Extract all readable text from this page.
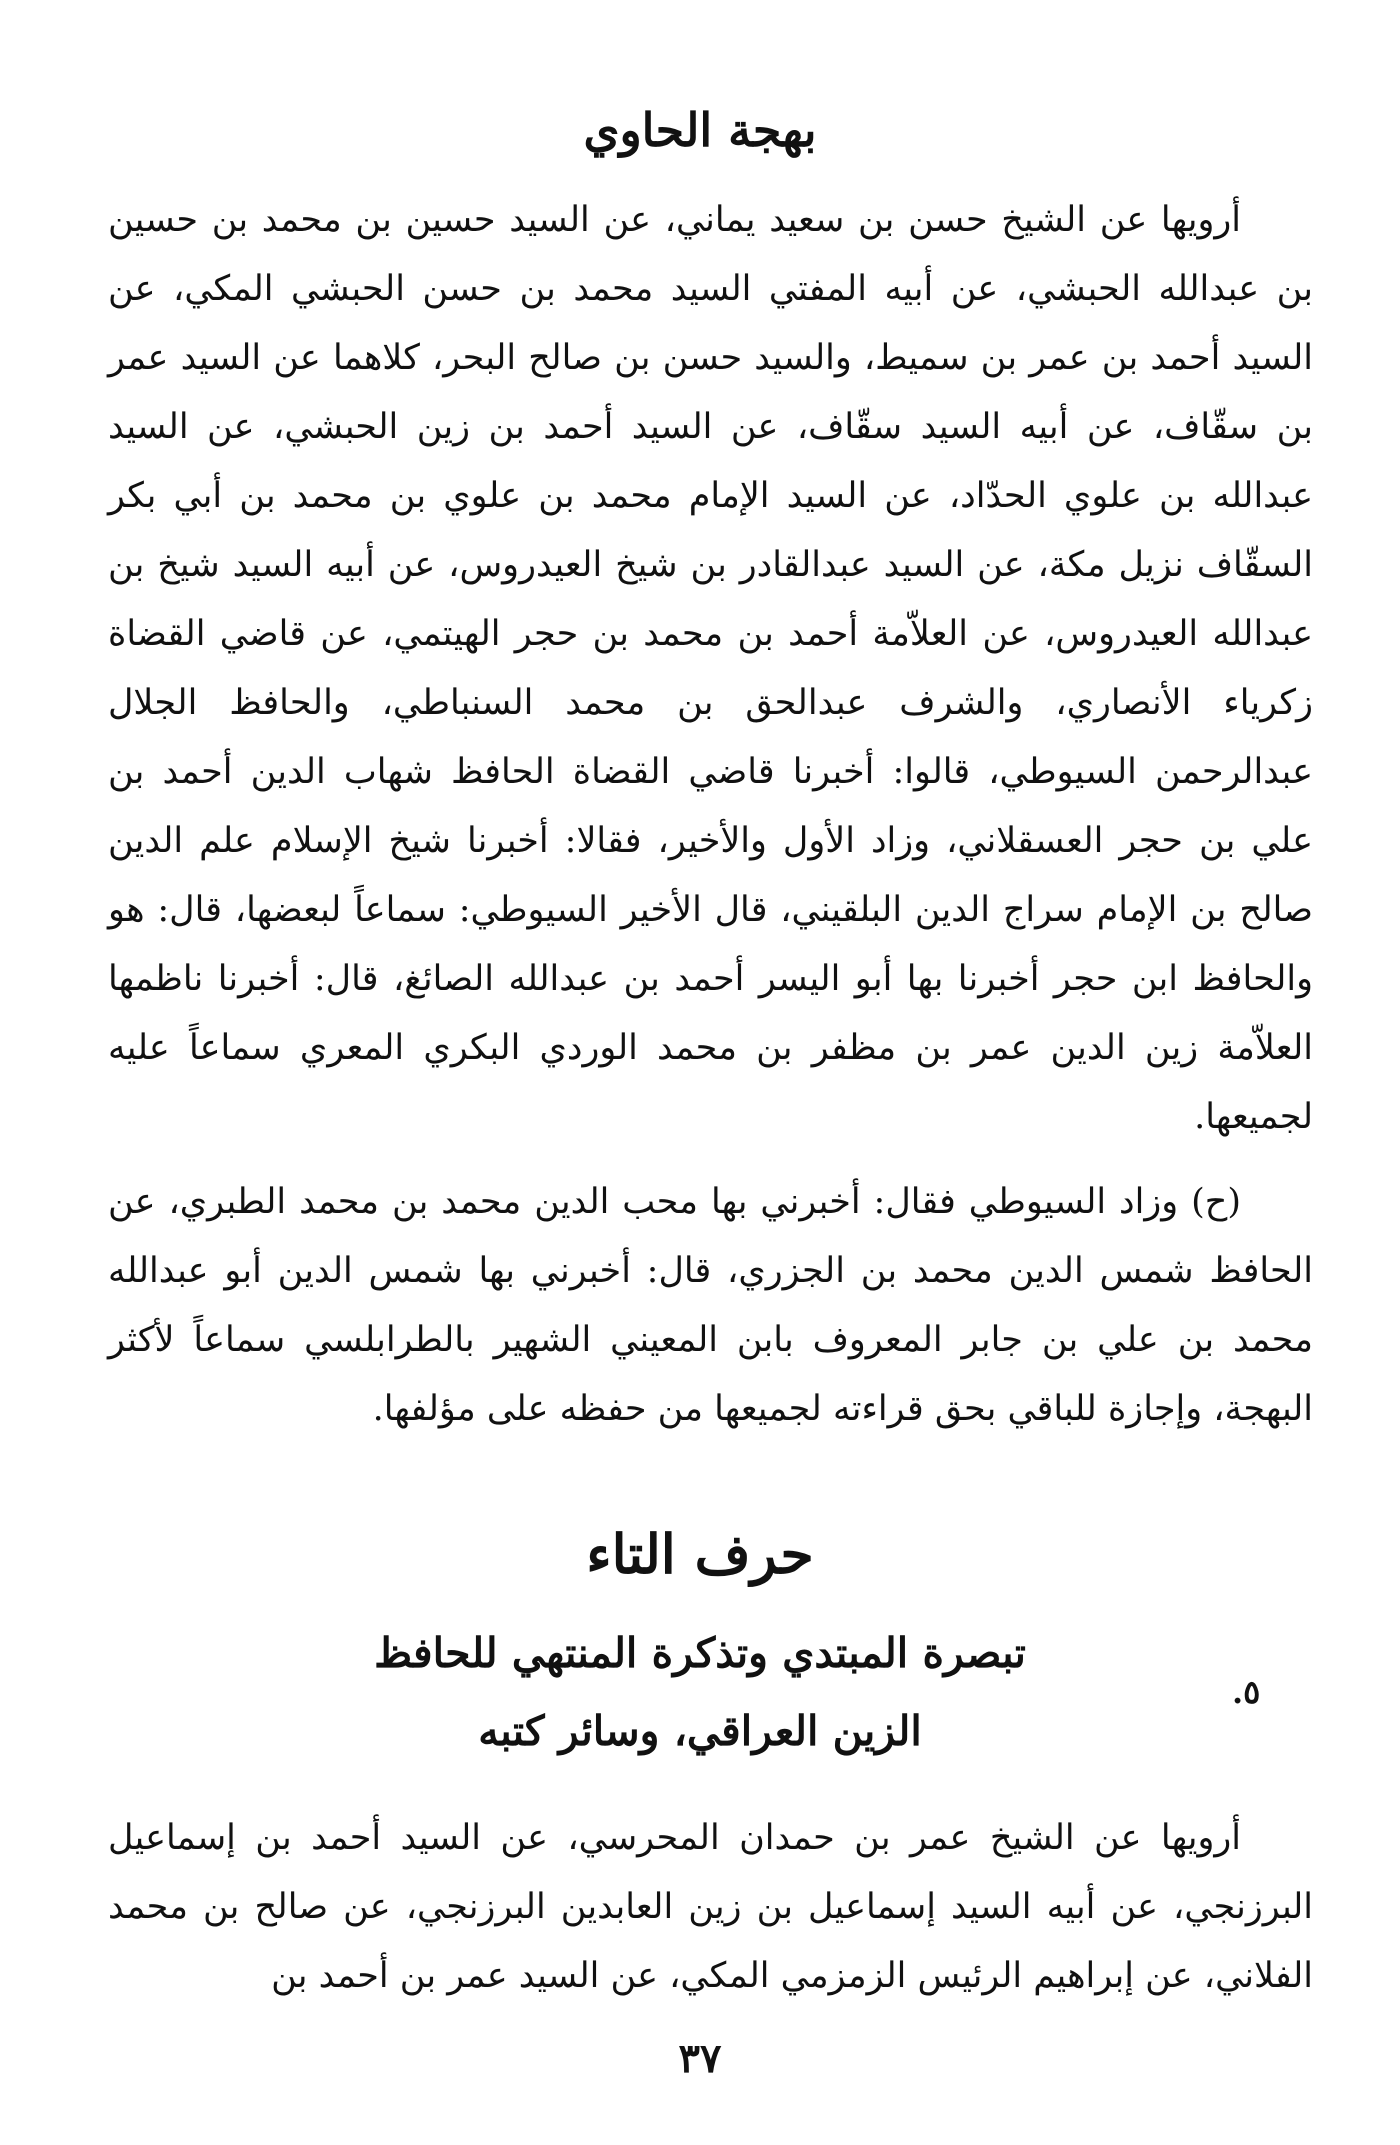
بهجة الحاوي

أرويها عن الشيخ حسن بن سعيد يماني، عن السيد حسين بن محمد بن حسين بن عبدالله الحبشي، عن أبيه المفتي السيد محمد بن حسن الحبشي المكي، عن السيد أحمد بن عمر بن سميط، والسيد حسن بن صالح البحر، كلاهما عن السيد عمر بن سقّاف، عن أبيه السيد سقّاف، عن السيد أحمد بن زين الحبشي، عن السيد عبدالله بن علوي الحدّاد، عن السيد الإمام محمد بن علوي بن محمد بن أبي بكر السقّاف نزيل مكة، عن السيد عبدالقادر بن شيخ العيدروس، عن أبيه السيد شيخ بن عبدالله العيدروس، عن العلاّمة أحمد بن محمد بن حجر الهيتمي، عن قاضي القضاة زكرياء الأنصاري، والشرف عبدالحق بن محمد السنباطي، والحافظ الجلال عبدالرحمن السيوطي، قالوا: أخبرنا قاضي القضاة الحافظ شهاب الدين أحمد بن علي بن حجر العسقلاني، وزاد الأول والأخير، فقالا: أخبرنا شيخ الإسلام علم الدين صالح بن الإمام سراج الدين البلقيني، قال الأخير السيوطي: سماعاً لبعضها، قال: هو والحافظ ابن حجر أخبرنا بها أبو اليسر أحمد بن عبدالله الصائغ، قال: أخبرنا ناظمها العلاّمة زين الدين عمر بن مظفر بن محمد الوردي البكري المعري سماعاً عليه لجميعها.

(ح) وزاد السيوطي فقال: أخبرني بها محب الدين محمد بن محمد الطبري، عن الحافظ شمس الدين محمد بن الجزري، قال: أخبرني بها شمس الدين أبو عبدالله محمد بن علي بن جابر المعروف بابن المعيني الشهير بالطرابلسي سماعاً لأكثر البهجة، وإجازة للباقي بحق قراءته لجميعها من حفظه على مؤلفها.

حرف التاء
تبصرة المبتدي وتذكرة المنتهي للحافظ
الزين العراقي، وسائر كتبه
٥.

أرويها عن الشيخ عمر بن حمدان المحرسي، عن السيد أحمد بن إسماعيل البرزنجي، عن أبيه السيد إسماعيل بن زين العابدين البرزنجي، عن صالح بن محمد الفلاني، عن إبراهيم الرئيس الزمزمي المكي، عن السيد عمر بن أحمد بن

٣٧
